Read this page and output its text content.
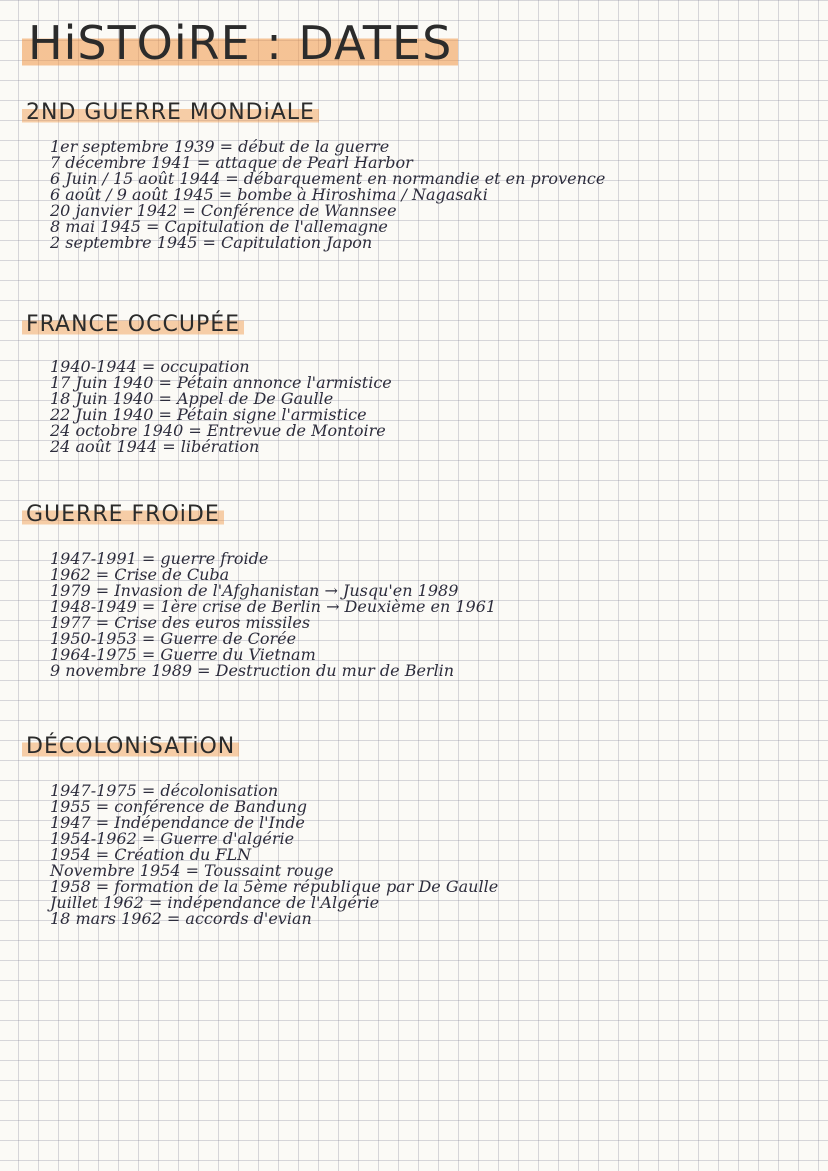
HiSTOiRE : DATES
2ND GUERRE MONDiALE
1er septembre 1939 = début de la guerre
7 décembre 1941 = attaque de Pearl Harbor
6 Juin / 15 août 1944 = débarquement en normandie et en provence
6 août / 9 août 1945 = bombe à Hiroshima / Nagasaki
20 janvier 1942 = Conférence de Wannsee
8 mai 1945 = Capitulation de l'allemagne
2 septembre 1945 = Capitulation Japon
FRANCE OCCUPÉE
1940-1944 = occupation
17 Juin 1940 = Pétain annonce l'armistice
18 Juin 1940 = Appel de De Gaulle
22 Juin 1940 = Pétain signe l'armistice
24 octobre 1940 = Entrevue de Montoire
24 août 1944 = libération
GUERRE FROiDE
1947-1991 = guerre froide
1962 = Crise de Cuba
1979 = Invasion de l'Afghanistan → Jusqu'en 1989
1948-1949 = 1ère crise de Berlin → Deuxième en 1961
1977 = Crise des euros missiles
1950-1953 = Guerre de Corée
1964-1975 = Guerre du Vietnam
9 novembre 1989 = Destruction du mur de Berlin
DÉCOLONiSATiON
1947-1975 = décolonisation
1955 = conférence de Bandung
1947 = Indépendance de l'Inde
1954-1962 = Guerre d'algérie
1954 = Création du FLN
Novembre 1954 = Toussaint rouge
1958 = formation de la 5ème république par De Gaulle
Juillet 1962 = indépendance de l'Algérie
18 mars 1962 = accords d'evian
